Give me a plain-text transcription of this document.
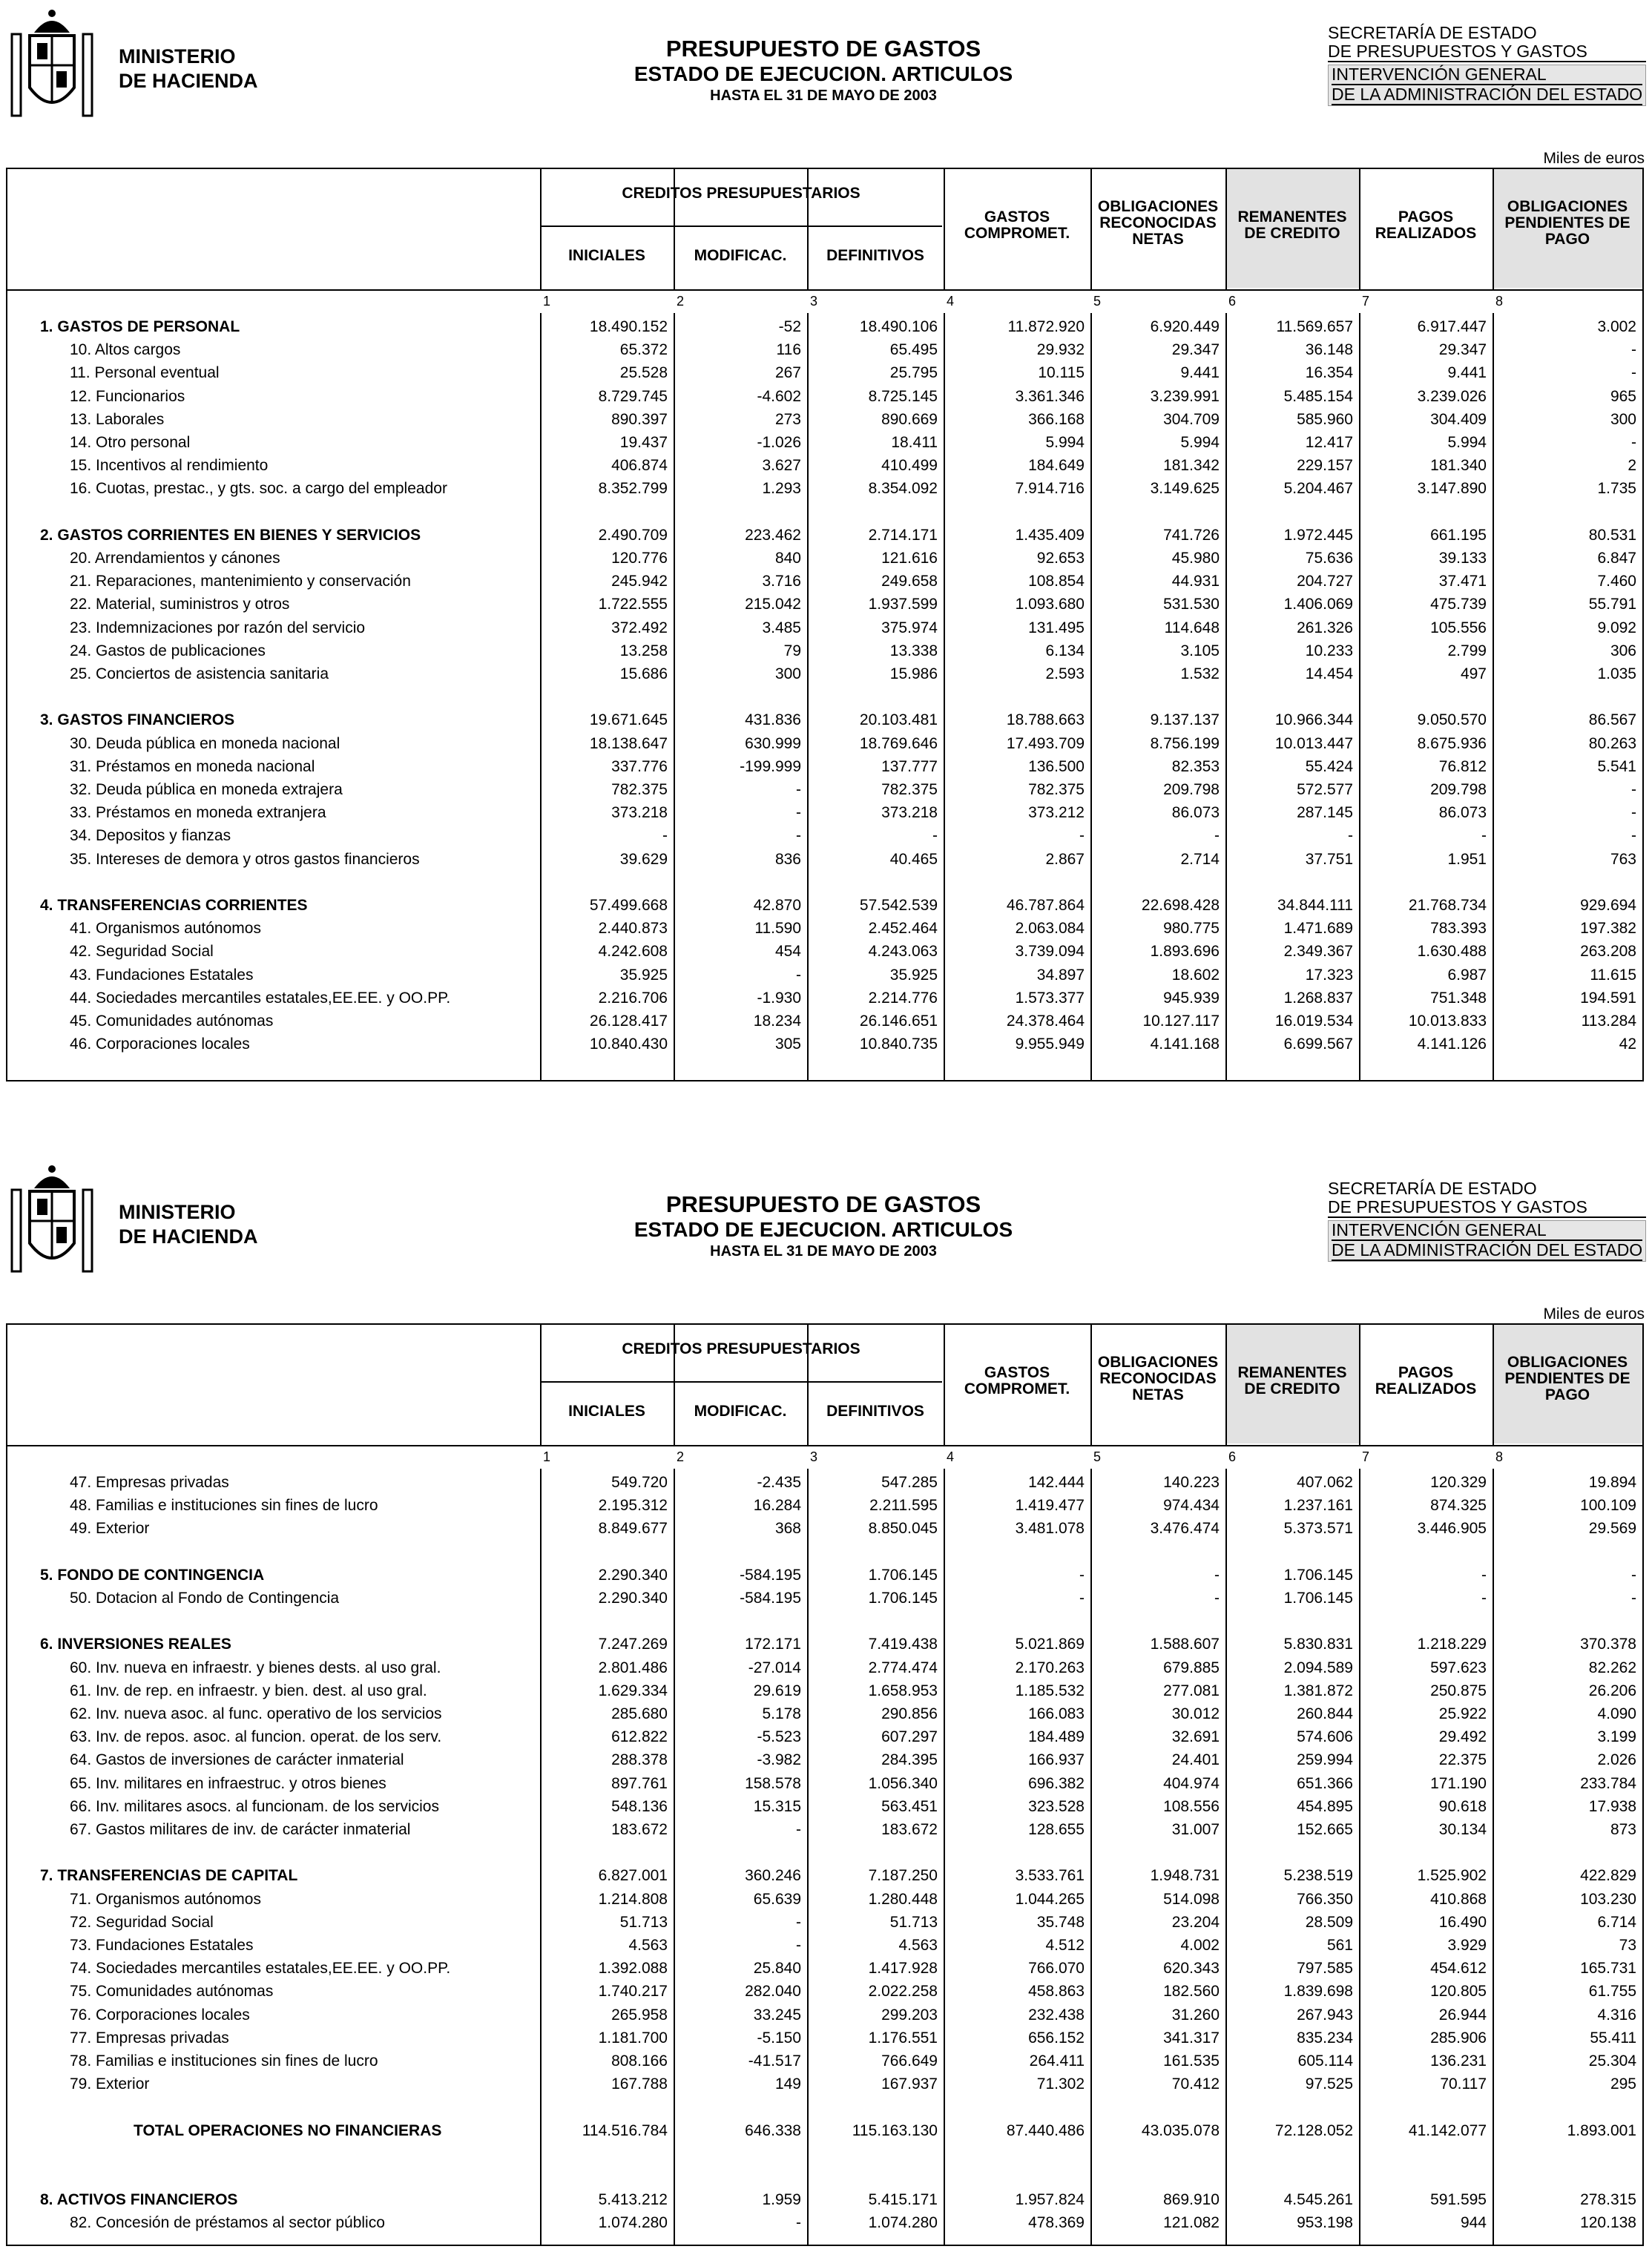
MINISTERIO
DE HACIENDA
PRESUPUESTO DE GASTOS
ESTADO DE EJECUCION. ARTICULOS
HASTA EL 31 DE MAYO DE 2003
SECRETARÍA DE ESTADO
DE PRESUPUESTOS Y GASTOS
INTERVENCIÓN GENERAL
DE LA ADMINISTRACIÓN DEL ESTADO
Miles de euros
CREDITOS PRESUPUESTARIOS
INICIALES	MODIFICAC.	DEFINITIVOS
GASTOS
COMPROMET.
OBLIGACIONES
RECONOCIDAS
NETAS
REMANENTES
DE CREDITO
PAGOS
REALIZADOS
OBLIGACIONES
PENDIENTES DE
PAGO
1	2	3	4	5	6	7	8
1. GASTOS DE PERSONAL	18.490.152	-52	18.490.106	11.872.920	6.920.449	11.569.657	6.917.447	3.002
10. Altos cargos	65.372	116	65.495	29.932	29.347	36.148	29.347	-
11. Personal eventual	25.528	267	25.795	10.115	9.441	16.354	9.441	-
12. Funcionarios	8.729.745	-4.602	8.725.145	3.361.346	3.239.991	5.485.154	3.239.026	965
13. Laborales	890.397	273	890.669	366.168	304.709	585.960	304.409	300
14. Otro personal	19.437	-1.026	18.411	5.994	5.994	12.417	5.994	-
15. Incentivos al rendimiento	406.874	3.627	410.499	184.649	181.342	229.157	181.340	2
16. Cuotas, prestac., y gts. soc. a cargo del empleador	8.352.799	1.293	8.354.092	7.914.716	3.149.625	5.204.467	3.147.890	1.735
2. GASTOS CORRIENTES EN BIENES Y SERVICIOS	2.490.709	223.462	2.714.171	1.435.409	741.726	1.972.445	661.195	80.531
20. Arrendamientos y cánones	120.776	840	121.616	92.653	45.980	75.636	39.133	6.847
21. Reparaciones, mantenimiento y conservación	245.942	3.716	249.658	108.854	44.931	204.727	37.471	7.460
22. Material, suministros y otros	1.722.555	215.042	1.937.599	1.093.680	531.530	1.406.069	475.739	55.791
23. Indemnizaciones por razón del servicio	372.492	3.485	375.974	131.495	114.648	261.326	105.556	9.092
24. Gastos de publicaciones	13.258	79	13.338	6.134	3.105	10.233	2.799	306
25. Conciertos de asistencia sanitaria	15.686	300	15.986	2.593	1.532	14.454	497	1.035
3. GASTOS FINANCIEROS	19.671.645	431.836	20.103.481	18.788.663	9.137.137	10.966.344	9.050.570	86.567
30. Deuda pública en moneda nacional	18.138.647	630.999	18.769.646	17.493.709	8.756.199	10.013.447	8.675.936	80.263
31. Préstamos en moneda nacional	337.776	-199.999	137.777	136.500	82.353	55.424	76.812	5.541
32. Deuda pública en moneda extrajera	782.375	-	782.375	782.375	209.798	572.577	209.798	-
33. Préstamos en moneda extranjera	373.218	-	373.218	373.212	86.073	287.145	86.073	-
34. Depositos y fianzas	-	-	-	-	-	-	-	-
35. Intereses de demora y otros gastos financieros	39.629	836	40.465	2.867	2.714	37.751	1.951	763
4. TRANSFERENCIAS CORRIENTES	57.499.668	42.870	57.542.539	46.787.864	22.698.428	34.844.111	21.768.734	929.694
41. Organismos autónomos	2.440.873	11.590	2.452.464	2.063.084	980.775	1.471.689	783.393	197.382
42. Seguridad Social	4.242.608	454	4.243.063	3.739.094	1.893.696	2.349.367	1.630.488	263.208
43. Fundaciones Estatales	35.925	-	35.925	34.897	18.602	17.323	6.987	11.615
44. Sociedades mercantiles estatales,EE.EE. y OO.PP.	2.216.706	-1.930	2.214.776	1.573.377	945.939	1.268.837	751.348	194.591
45. Comunidades autónomas	26.128.417	18.234	26.146.651	24.378.464	10.127.117	16.019.534	10.013.833	113.284
46. Corporaciones locales	10.840.430	305	10.840.735	9.955.949	4.141.168	6.699.567	4.141.126	42
MINISTERIO
DE HACIENDA
PRESUPUESTO DE GASTOS
ESTADO DE EJECUCION. ARTICULOS
HASTA EL 31 DE MAYO DE 2003
SECRETARÍA DE ESTADO
DE PRESUPUESTOS Y GASTOS
INTERVENCIÓN GENERAL
DE LA ADMINISTRACIÓN DEL ESTADO
Miles de euros
CREDITOS PRESUPUESTARIOS
INICIALES	MODIFICAC.	DEFINITIVOS
GASTOS
COMPROMET.
OBLIGACIONES
RECONOCIDAS
NETAS
REMANENTES
DE CREDITO
PAGOS
REALIZADOS
OBLIGACIONES
PENDIENTES DE
PAGO
1	2	3	4	5	6	7	8
47. Empresas privadas	549.720	-2.435	547.285	142.444	140.223	407.062	120.329	19.894
48. Familias e instituciones sin fines de lucro	2.195.312	16.284	2.211.595	1.419.477	974.434	1.237.161	874.325	100.109
49. Exterior	8.849.677	368	8.850.045	3.481.078	3.476.474	5.373.571	3.446.905	29.569
5. FONDO DE CONTINGENCIA	2.290.340	-584.195	1.706.145	-	-	1.706.145	-	-
50. Dotacion al Fondo de Contingencia	2.290.340	-584.195	1.706.145	-	-	1.706.145	-	-
6. INVERSIONES REALES	7.247.269	172.171	7.419.438	5.021.869	1.588.607	5.830.831	1.218.229	370.378
60. Inv. nueva en infraestr. y bienes dests. al uso gral.	2.801.486	-27.014	2.774.474	2.170.263	679.885	2.094.589	597.623	82.262
61. Inv. de rep. en infraestr. y bien. dest. al uso gral.	1.629.334	29.619	1.658.953	1.185.532	277.081	1.381.872	250.875	26.206
62. Inv. nueva asoc. al func. operativo de los servicios	285.680	5.178	290.856	166.083	30.012	260.844	25.922	4.090
63. Inv. de repos. asoc. al funcion. operat. de los serv.	612.822	-5.523	607.297	184.489	32.691	574.606	29.492	3.199
64. Gastos de inversiones de carácter inmaterial	288.378	-3.982	284.395	166.937	24.401	259.994	22.375	2.026
65. Inv. militares en infraestruc. y otros bienes	897.761	158.578	1.056.340	696.382	404.974	651.366	171.190	233.784
66. Inv. militares asocs. al funcionam. de los servicios	548.136	15.315	563.451	323.528	108.556	454.895	90.618	17.938
67. Gastos militares de inv. de carácter inmaterial	183.672	-	183.672	128.655	31.007	152.665	30.134	873
7. TRANSFERENCIAS DE CAPITAL	6.827.001	360.246	7.187.250	3.533.761	1.948.731	5.238.519	1.525.902	422.829
71. Organismos autónomos	1.214.808	65.639	1.280.448	1.044.265	514.098	766.350	410.868	103.230
72. Seguridad Social	51.713	-	51.713	35.748	23.204	28.509	16.490	6.714
73. Fundaciones Estatales	4.563	-	4.563	4.512	4.002	561	3.929	73
74. Sociedades mercantiles estatales,EE.EE. y OO.PP.	1.392.088	25.840	1.417.928	766.070	620.343	797.585	454.612	165.731
75. Comunidades autónomas	1.740.217	282.040	2.022.258	458.863	182.560	1.839.698	120.805	61.755
76. Corporaciones locales	265.958	33.245	299.203	232.438	31.260	267.943	26.944	4.316
77. Empresas privadas	1.181.700	-5.150	1.176.551	656.152	341.317	835.234	285.906	55.411
78. Familias e instituciones sin fines de lucro	808.166	-41.517	766.649	264.411	161.535	605.114	136.231	25.304
79. Exterior	167.788	149	167.937	71.302	70.412	97.525	70.117	295
TOTAL OPERACIONES NO FINANCIERAS	114.516.784	646.338	115.163.130	87.440.486	43.035.078	72.128.052	41.142.077	1.893.001
8. ACTIVOS FINANCIEROS	5.413.212	1.959	5.415.171	1.957.824	869.910	4.545.261	591.595	278.315
82. Concesión de préstamos al sector público	1.074.280	-	1.074.280	478.369	121.082	953.198	944	120.138
